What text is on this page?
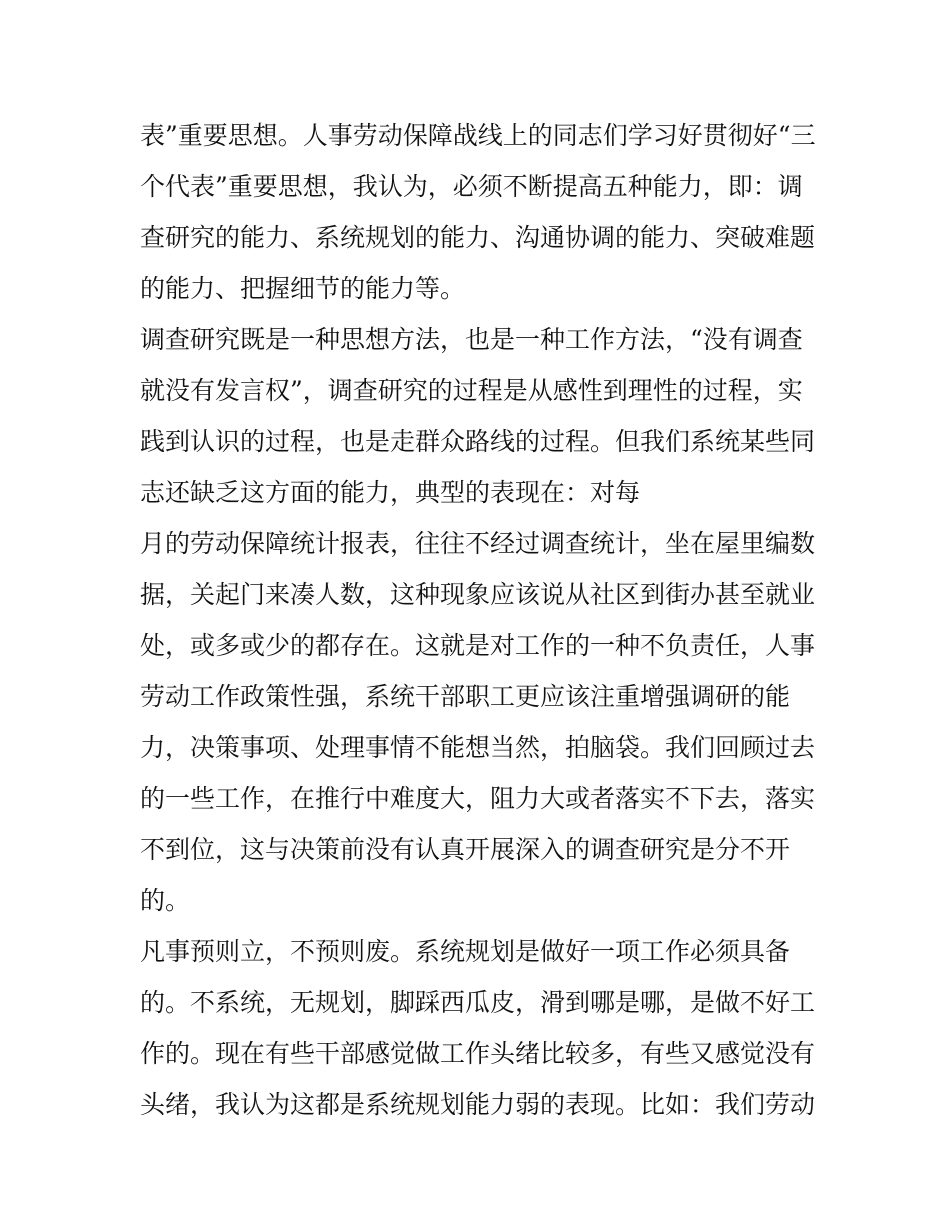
表”重要思想。人事劳动保障战线上的同志们学习好贯彻好“三
个代表”重要思想，我认为，必须不断提高五种能力，即：调
查研究的能力、系统规划的能力、沟通协调的能力、突破难题
的能力、把握细节的能力等。
调查研究既是一种思想方法，也是一种工作方法，“没有调查
就没有发言权”，调查研究的过程是从感性到理性的过程，实
践到认识的过程，也是走群众路线的过程。但我们系统某些同
志还缺乏这方面的能力，典型的表现在：对每
月的劳动保障统计报表，往往不经过调查统计，坐在屋里编数
据，关起门来凑人数，这种现象应该说从社区到街办甚至就业
处，或多或少的都存在。这就是对工作的一种不负责任，人事
劳动工作政策性强，系统干部职工更应该注重增强调研的能
力，决策事项、处理事情不能想当然，拍脑袋。我们回顾过去
的一些工作，在推行中难度大，阻力大或者落实不下去，落实
不到位，这与决策前没有认真开展深入的调查研究是分不开
的。
凡事预则立，不预则废。系统规划是做好一项工作必须具备
的。不系统，无规划，脚踩西瓜皮，滑到哪是哪，是做不好工
作的。现在有些干部感觉做工作头绪比较多，有些又感觉没有
头绪，我认为这都是系统规划能力弱的表现。比如：我们劳动
